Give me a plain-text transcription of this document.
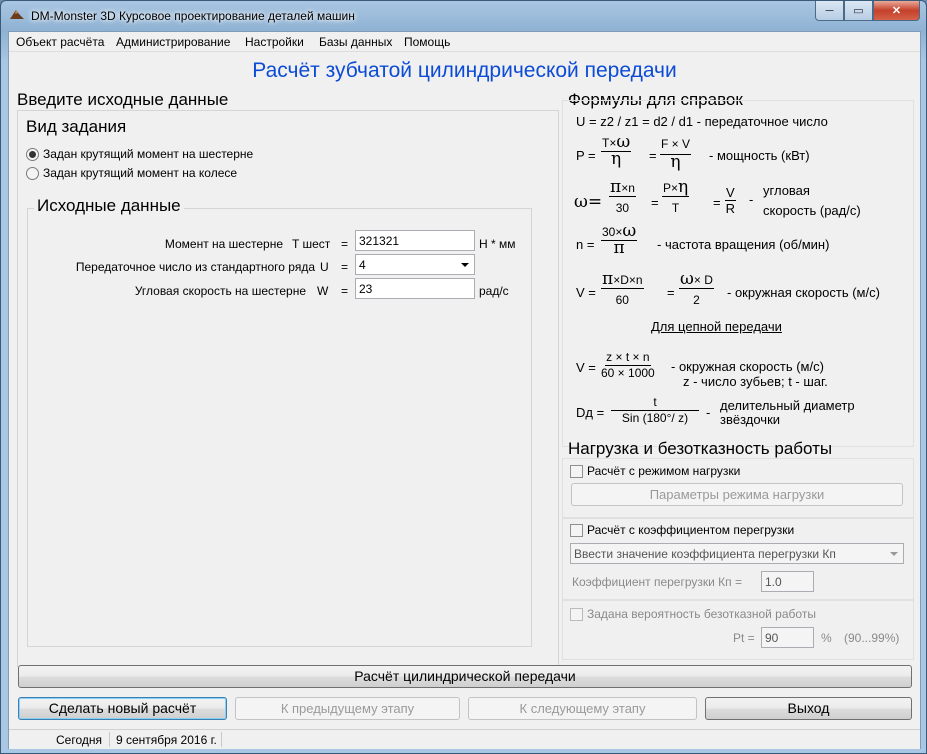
DM-Monster 3D Курсовое проектирование деталей машин	─ ▭	✕
Объект расчёта Администрирование Настройки Базы данных Помощь
Расчёт зубчатой цилиндрической передачи
Введите исходные данные
Вид задания
Задан крутящий момент на шестерне
Задан крутящий момент на колесе
Исходные данные
Момент на шестерне T шест = 321321	Н * мм
Передаточное число из стандартного ряда U = 4
Угловая скорость на шестерне W = 23	рад/с
Формулы для справок
U = z2 / z1 = d2 / d1 - передаточное число
P =
T×ω
η =
F × V
η - мощность (кВт)
$\omega= \frac{\pi\times n}{30} = \frac{P\times\eta}{T} = \frac{V}{R}$ -
угловая
скорость (рад/с)
n =
30×ω
π - частота вращения (об/мин)
$V = \frac{\pi\times D\times n}{60} = \frac{\omega\times D}{2}$ - окружная скорость (м/с)
Для цепной передачи
$V = \frac{z \times t \times n}{60 \times 1000}$ - окружная скорость (м/с)
z - число зубьев; t - шаг.
Dд =
t
Sin (180°/ z) - делительный диаметр
звёздочки
Нагрузка и безотказность работы
Расчёт с режимом нагрузки
Параметры режима нагрузки
Расчёт с коэффициентом перегрузки
Ввести значение коэффициента перегрузки Кп
Коэффициент перегрузки Кп =	1.0
Задана вероятность безотказной работы
Pt = 90	% (90...99%)
Расчёт цилиндрической передачи
Сделать новый расчёт	К предыдущему этапу	К следующему этапу	Выход
Сегодня 9 сентября 2016 г.
